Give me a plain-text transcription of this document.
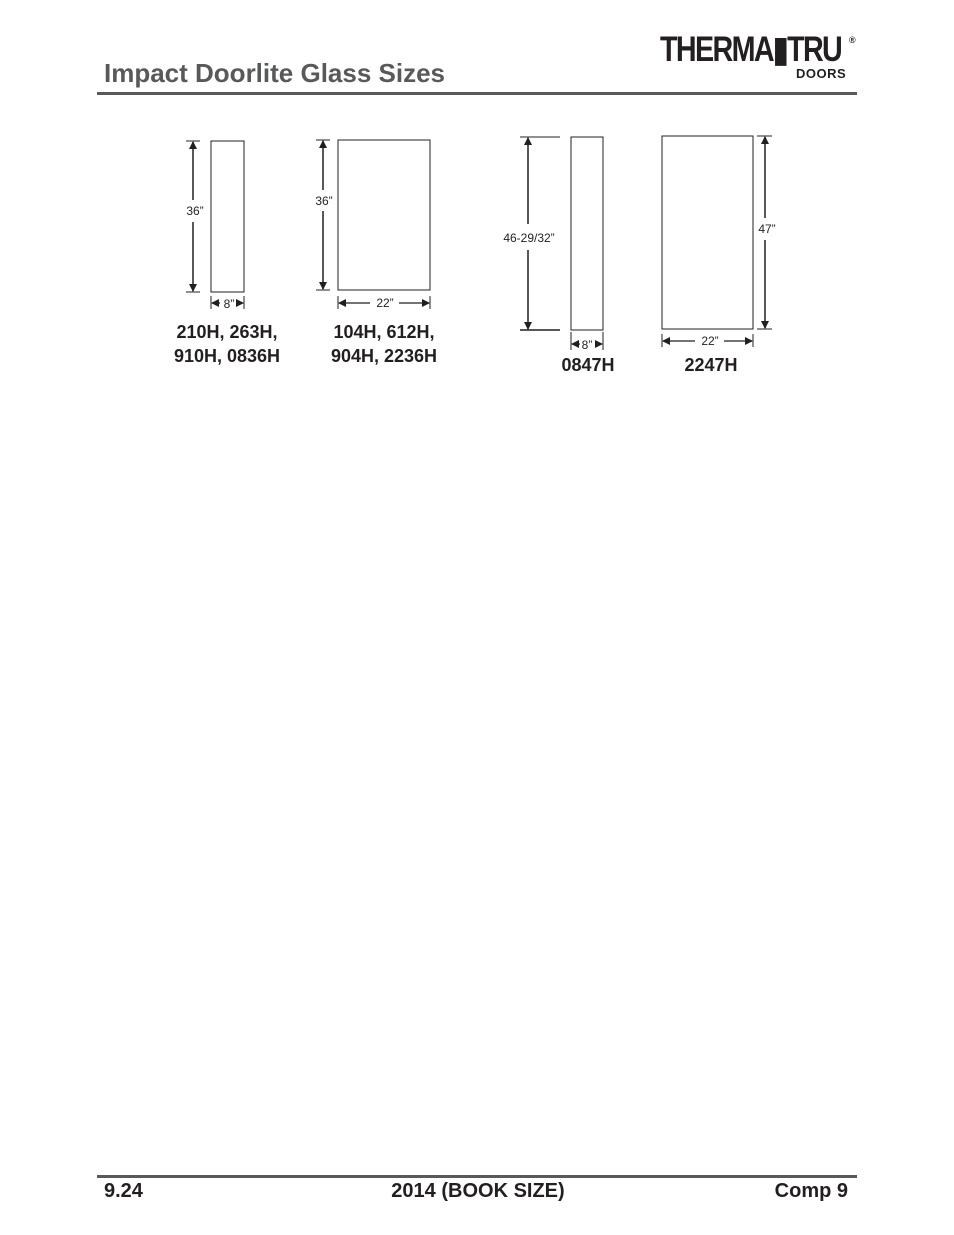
Impact Doorlite Glass Sizes
THERMA▮TRU ®
DOORS
36”
8”
36”
22”
46-29/32”
8”
47”
22”
210H, 263H,
910H, 0836H
104H, 612H,
904H, 2236H	0847H	2247H
9.24	2014 (BOOK SIZE)	Comp 9
